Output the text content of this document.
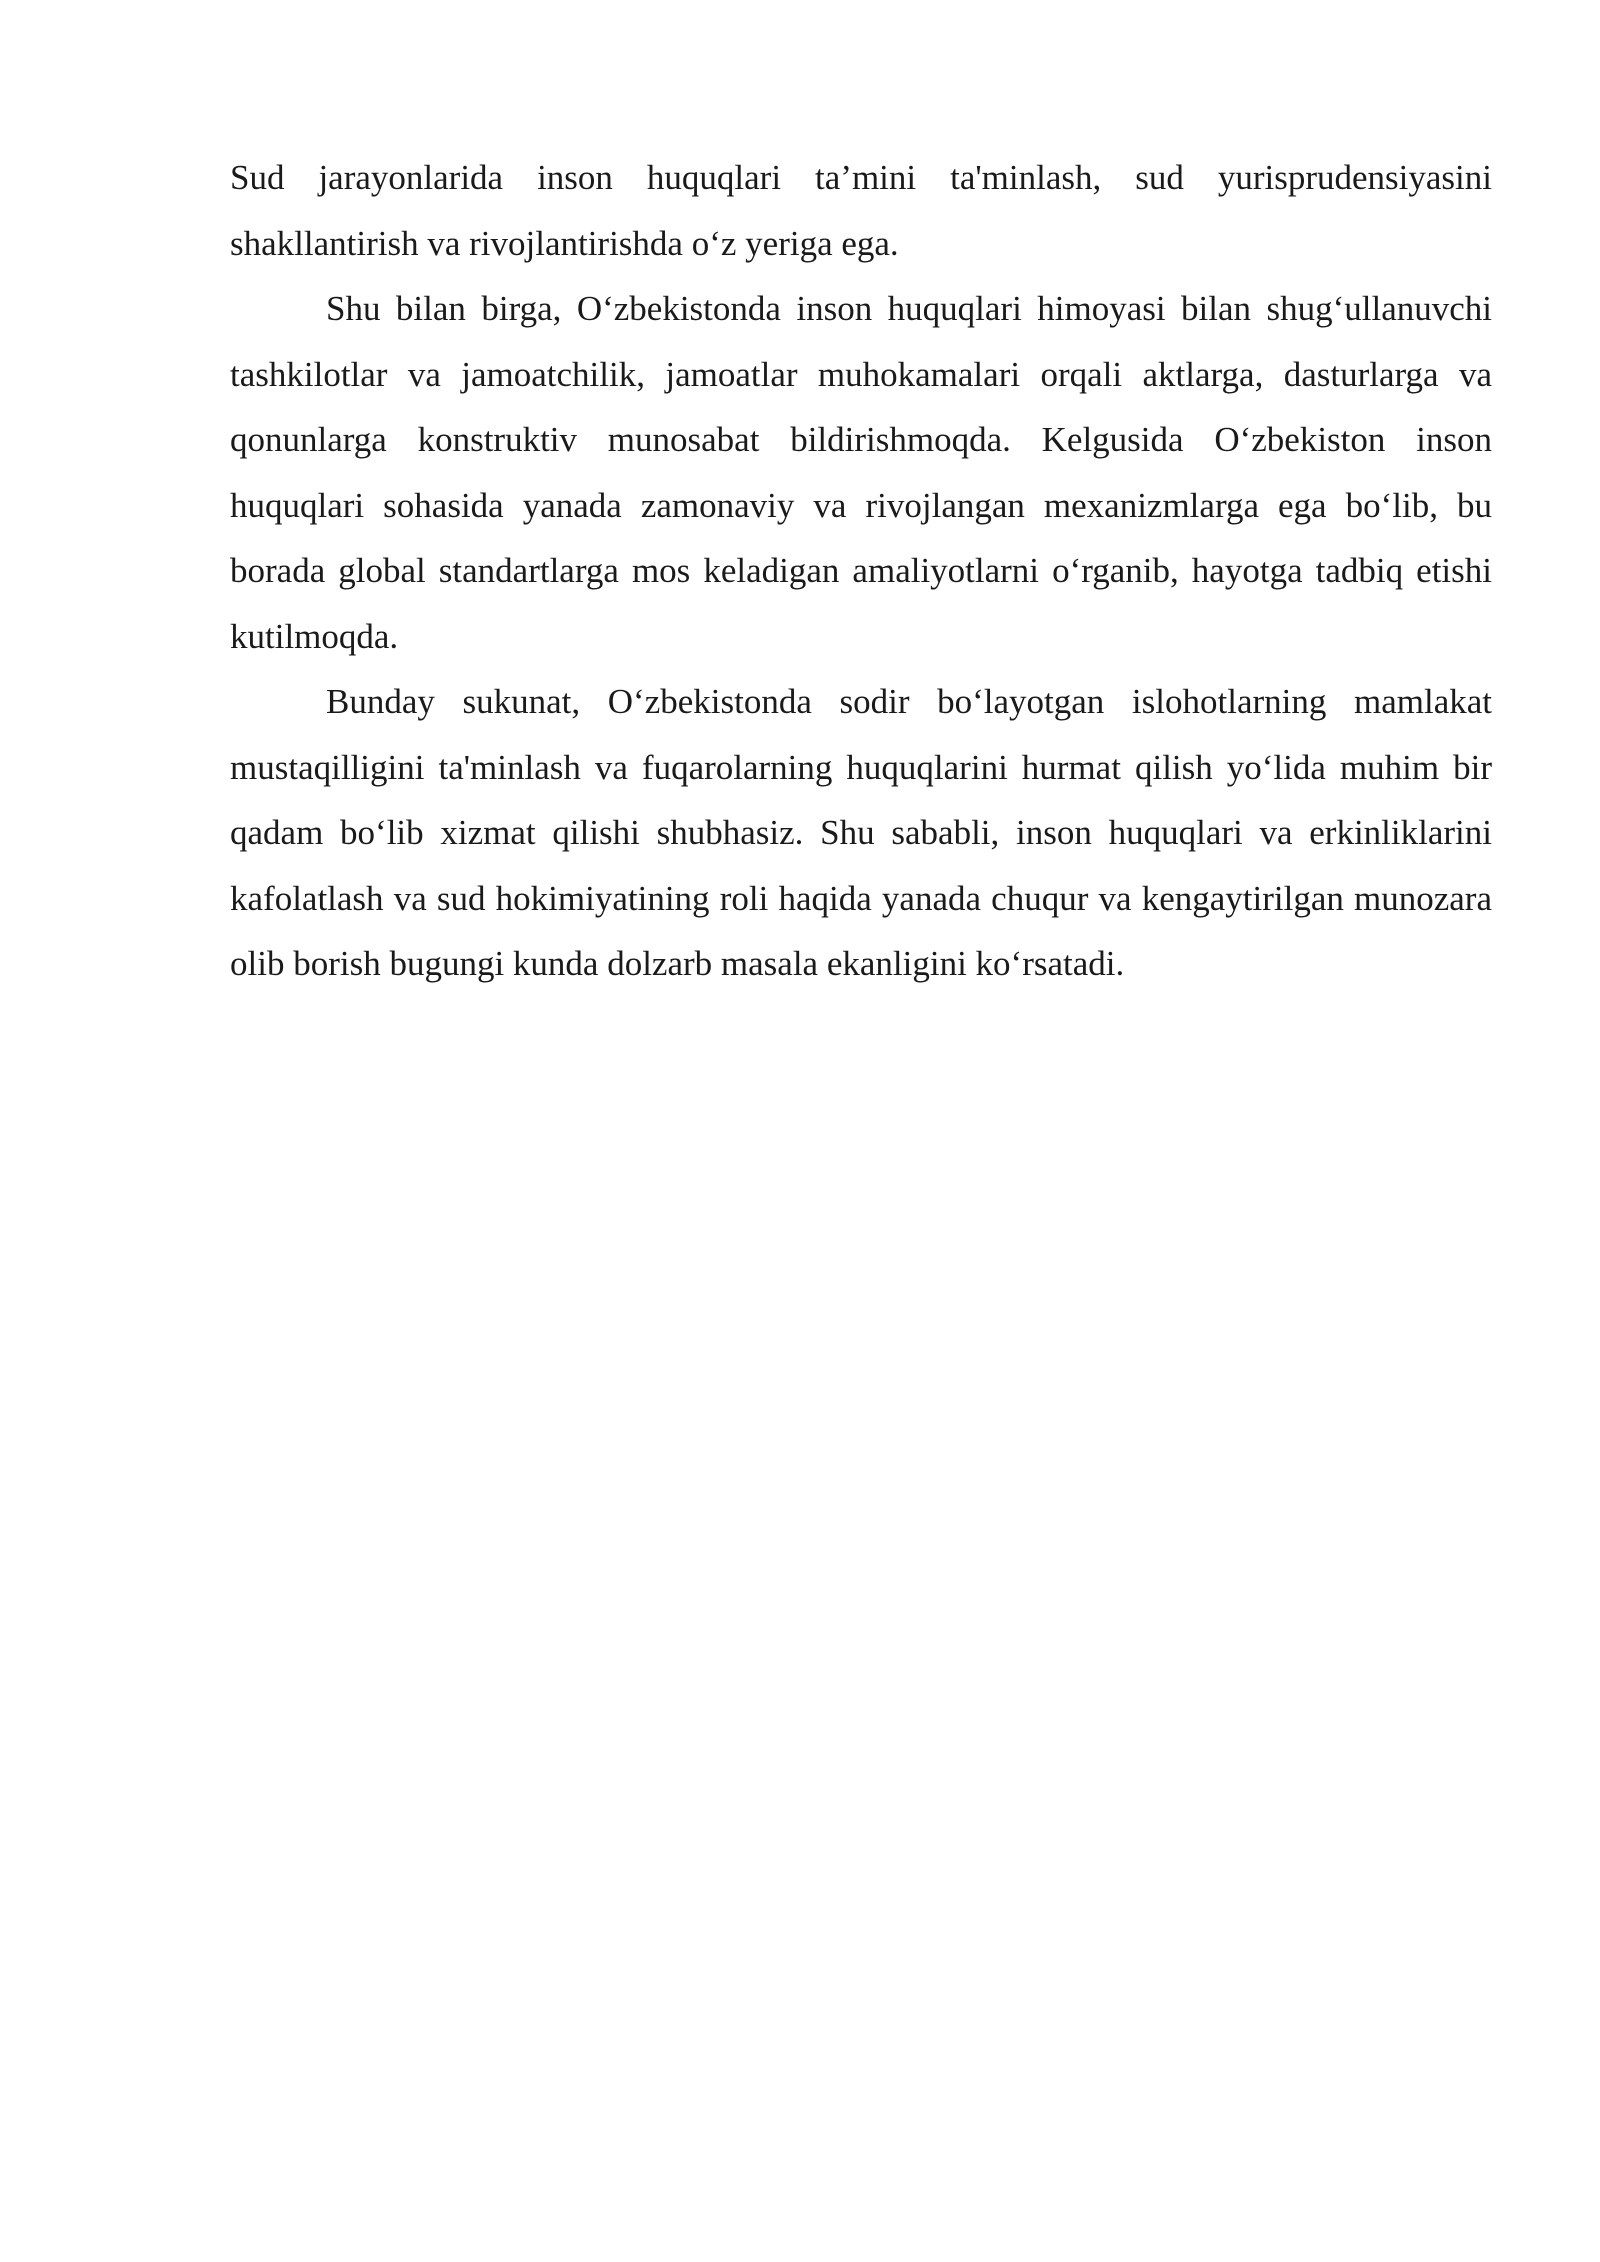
Sud jarayonlarida inson huquqlari ta’mini ta'minlash, sud yurisprudensiyasini shakllantirish va rivojlantirishda o‘z yeriga ega.

Shu bilan birga, O‘zbekistonda inson huquqlari himoyasi bilan shug‘ullanuvchi tashkilotlar va jamoatchilik, jamoatlar muhokamalari orqali aktlarga, dasturlarga va qonunlarga konstruktiv munosabat bildirishmoqda. Kelgusida O‘zbekiston inson huquqlari sohasida yanada zamonaviy va rivojlangan mexanizmlarga ega bo‘lib, bu borada global standartlarga mos keladigan amaliyotlarni o‘rganib, hayotga tadbiq etishi kutilmoqda.

Bunday sukunat, O‘zbekistonda sodir bo‘layotgan islohotlarning mamlakat mustaqilligini ta'minlash va fuqarolarning huquqlarini hurmat qilish yo‘lida muhim bir qadam bo‘lib xizmat qilishi shubhasiz. Shu sababli, inson huquqlari va erkinliklarini kafolatlash va sud hokimiyatining roli haqida yanada chuqur va kengaytirilgan munozara olib borish bugungi kunda dolzarb masala ekanligini ko‘rsatadi.
